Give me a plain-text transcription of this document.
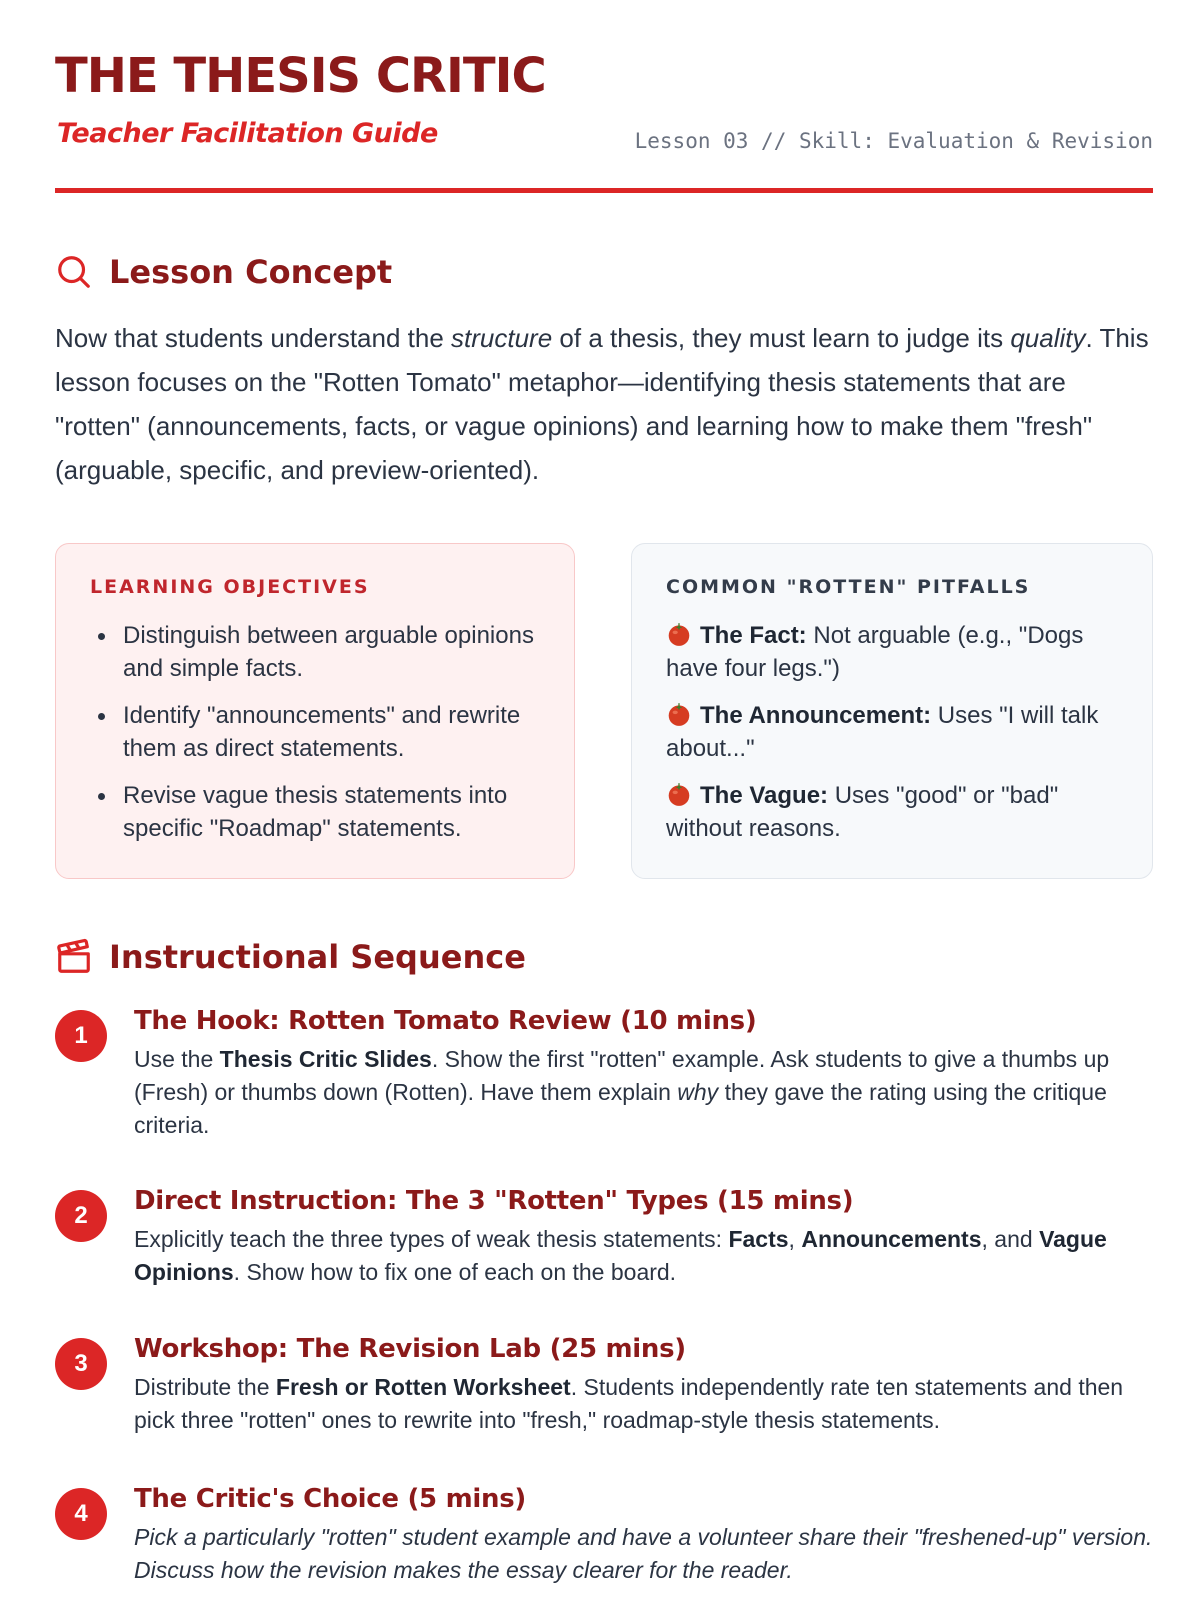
THE THESIS CRITIC
Teacher Facilitation Guide	Lesson 03 // Skill: Evaluation & Revision
Lesson Concept

Now that students understand the structure of a thesis, they must learn to judge its quality. This lesson focuses on the "Rotten Tomato" metaphor—identifying thesis statements that are "rotten" (announcements, facts, or vague opinions) and learning how to make them "fresh" (arguable, specific, and preview-oriented).

LEARNING OBJECTIVES
Distinguish between arguable opinions and simple facts.
Identify "announcements" and rewrite them as direct statements.
Revise vague thesis statements into specific "Roadmap" statements.
COMMON "ROTTEN" PITFALLS
The Fact: Not arguable (e.g., "Dogs have four legs.")
The Announcement: Uses "I will talk about..."
The Vague: Uses "good" or "bad" without reasons.
Instructional Sequence
1	The Hook: Rotten Tomato Review (10 mins)

Use the Thesis Critic Slides. Show the first "rotten" example. Ask students to give a thumbs up (Fresh) or thumbs down (Rotten). Have them explain why they gave the rating using the critique criteria.

2	Direct Instruction: The 3 "Rotten" Types (15 mins)

Explicitly teach the three types of weak thesis statements: Facts, Announcements, and Vague Opinions. Show how to fix one of each on the board.

3	Workshop: The Revision Lab (25 mins)

Distribute the Fresh or Rotten Worksheet. Students independently rate ten statements and then pick three "rotten" ones to rewrite into "fresh," roadmap-style thesis statements.

4	The Critic's Choice (5 mins)

Pick a particularly "rotten" student example and have a volunteer share their "freshened-up" version. Discuss how the revision makes the essay clearer for the reader.
